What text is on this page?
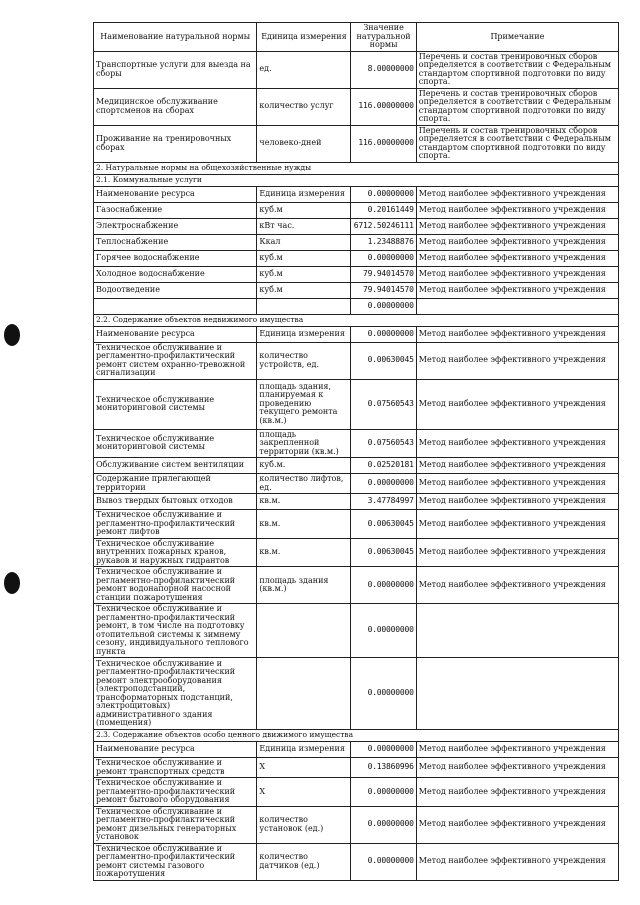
Наименование натуральной нормы	Единица измерения	Значение натуральной нормы	Примечание
Транспортные услуги для выезда на сборы	ед.	8.00000000	Перечень и состав тренировочных сборов определяется в соответствии с Федеральным стандартом спортивной подготовки по виду спорта.
Медицинское обслуживание спортсменов на сборах	количество услуг	116.00000000	Перечень и состав тренировочных сборов определяется в соответствии с Федеральным стандартом спортивной подготовки по виду спорта.
Проживание на тренировочных сборах	человеко-дней	116.00000000	Перечень и состав тренировочных сборов определяется в соответствии с Федеральным стандартом спортивной подготовки по виду спорта.
2. Натуральные нормы на общехозяйственные нужды			
2.1. Коммунальные услуги			
Наименование ресурса	Единица измерения	0.00000000	Метод наиболее эффективного учреждения
Газоснабжение	куб.м	0.20161449	Метод наиболее эффективного учреждения
Электроснабжение	кВт час.	6712.50246111	Метод наиболее эффективного учреждения
Теплоснабжение	Ккал	1.23488876	Метод наиболее эффективного учреждения
Горячее водоснабжение	куб.м	0.00000000	Метод наиболее эффективного учреждения
Холодное водоснабжение	куб.м	79.94014570	Метод наиболее эффективного учреждения
Водоотведение	куб.м	79.94014570	Метод наиболее эффективного учреждения
		0.00000000	
2.2. Содержание объектов недвижимого имущества			
Наименование ресурса	Единица измерения	0.00000000	Метод наиболее эффективного учреждения
Техническое обслуживание и регламентно-профилактический ремонт систем охранно-тревожной сигнализации	количество устройств, ед.	0.00630045	Метод наиболее эффективного учреждения
Техническое обслуживание мониторинговой системы	площадь здания, планируемая к проведению текущего ремонта (кв.м.)	0.07560543	Метод наиболее эффективного учреждения
Техническое обслуживание мониторинговой системы	площадь закрепленной территории (кв.м.)	0.07560543	Метод наиболее эффективного учреждения
Обслуживание систем вентиляции	куб.м.	0.02520181	Метод наиболее эффективного учреждения
Содержание прилегающей территории	количество лифтов, ед.	0.00000000	Метод наиболее эффективного учреждения
Вывоз твердых бытовых отходов	кв.м.	3.47784997	Метод наиболее эффективного учреждения
Техническое обслуживание и регламентно-профилактический ремонт лифтов	кв.м.	0.00630045	Метод наиболее эффективного учреждения
Техническое обслуживание внутренних пожарных кранов, рукавов и наружных гидрантов	кв.м.	0.00630045	Метод наиболее эффективного учреждения
Техническое обслуживание и регламентно-профилактический ремонт водонапорной насосной станции пожаротушения	площадь здания (кв.м.)	0.00000000	Метод наиболее эффективного учреждения
Техническое обслуживание и регламентно-профилактический ремонт, в том числе на подготовку отопительной системы к зимнему сезону, индивидуального теплового пункта		0.00000000	
Техническое обслуживание и регламентно-профилактический ремонт электрооборудования (электроподстанций, трансформаторных подстанций, электрощитовых) административного здания (помещения)		0.00000000	
2.3. Содержание объектов особо ценного движимого имущества			
Наименование ресурса	Единица измерения	0.00000000	Метод наиболее эффективного учреждения
Техническое обслуживание и ремонт транспортных средств	Х	0.13860996	Метод наиболее эффективного учреждения
Техническое обслуживание и регламентно-профилактический ремонт бытового оборудования	Х	0.00000000	Метод наиболее эффективного учреждения
Техническое обслуживание и регламентно-профилактический ремонт дизельных генераторных установок	количество установок (ед.)	0.00000000	Метод наиболее эффективного учреждения
Техническое обслуживание и регламентно-профилактический ремонт системы газового пожаротушения	количество датчиков (ед.)	0.00000000	Метод наиболее эффективного учреждения
